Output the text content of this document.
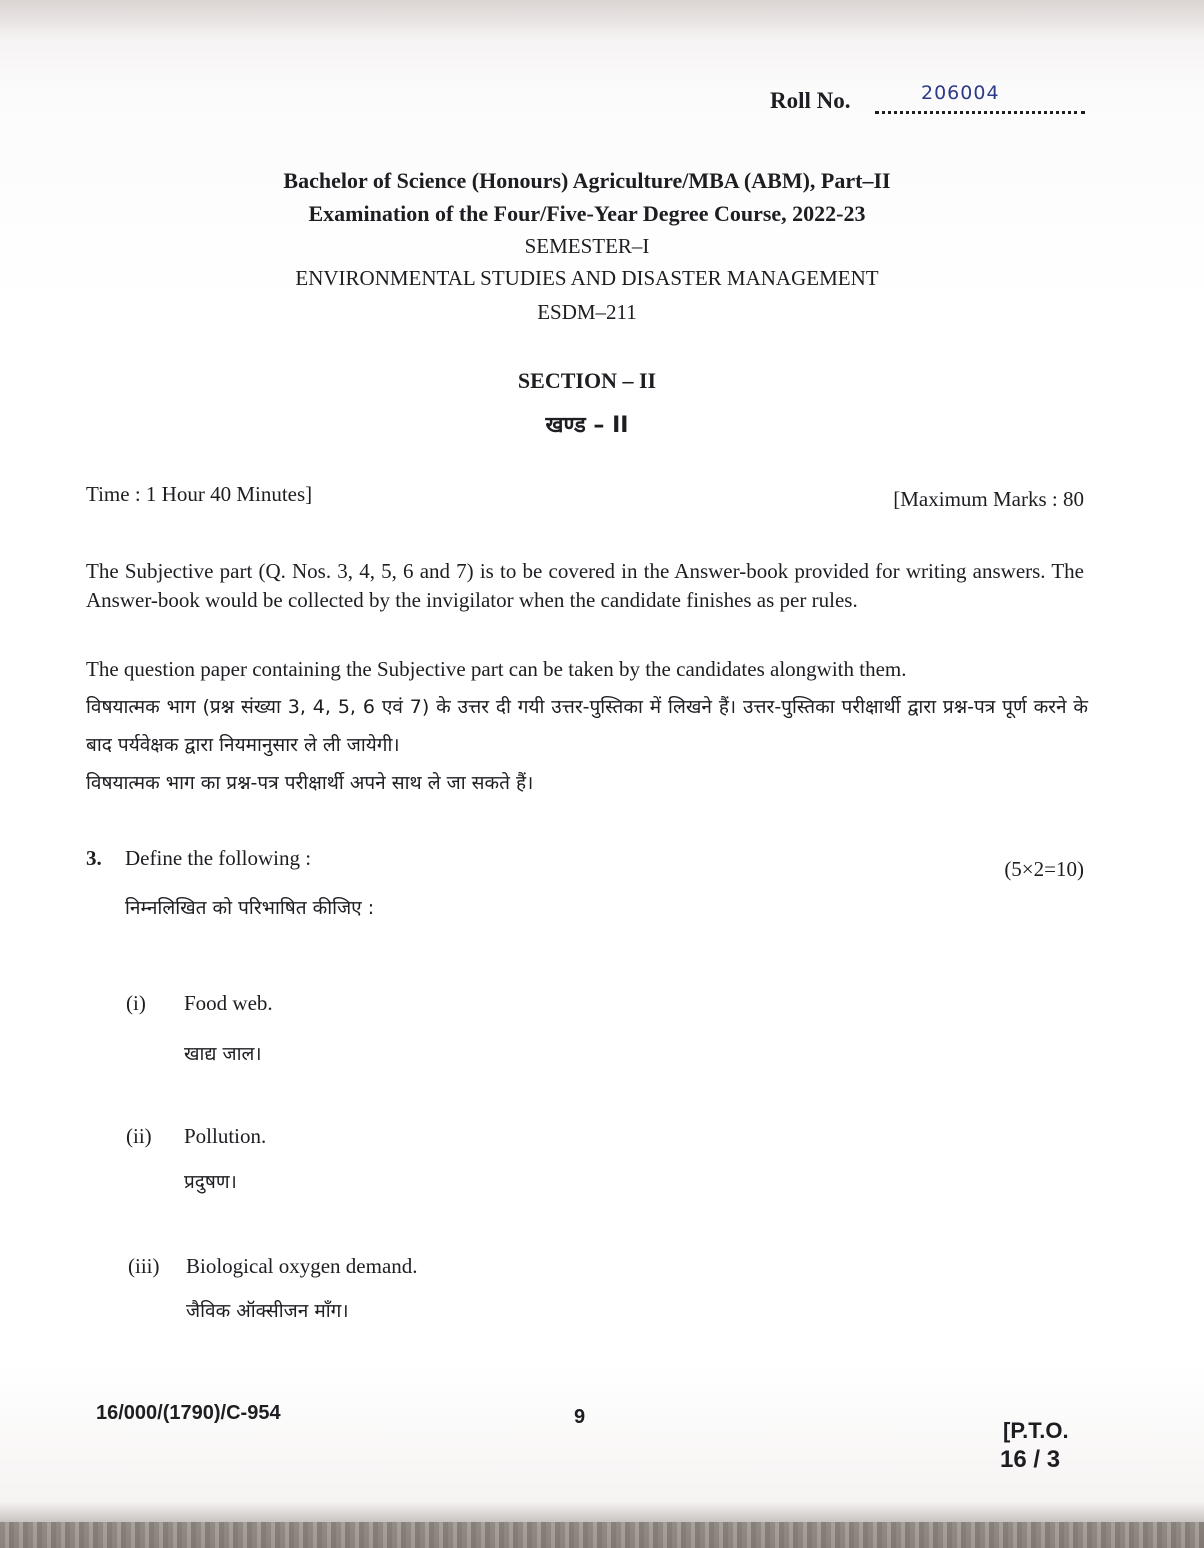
Roll No.	206004
Bachelor of Science (Honours) Agriculture/MBA (ABM), Part–II
Examination of the Four/Five-Year Degree Course, 2022-23
SEMESTER–I
ENVIRONMENTAL STUDIES AND DISASTER MANAGEMENT
ESDM–211
SECTION – II
खण्ड – II
Time : 1 Hour 40 Minutes]	[Maximum Marks : 80
The Subjective part (Q. Nos. 3, 4, 5, 6 and 7) is to be covered in the Answer-book provided for writing answers. The Answer-book would be collected by the invigilator when the candidate finishes as per rules.
The question paper containing the Subjective part can be taken by the candidates alongwith them.
विषयात्मक भाग (प्रश्न संख्या 3, 4, 5, 6 एवं 7) के उत्तर दी गयी उत्तर-पुस्तिका में लिखने हैं। उत्तर-पुस्तिका परीक्षार्थी द्वारा प्रश्न-पत्र पूर्ण करने के बाद पर्यवेक्षक द्वारा नियमानुसार ले ली जायेगी।
विषयात्मक भाग का प्रश्न-पत्र परीक्षार्थी अपने साथ ले जा सकते हैं।
3. Define the following :	(5×2=10)
निम्नलिखित को परिभाषित कीजिए :
(i) Food web.
खाद्य जाल।
(ii) Pollution.
प्रदुषण।
(iii) Biological oxygen demand.
जैविक ऑक्सीजन माँग।
16/000/(1790)/C-954	9
[P.T.O.
16 / 3
